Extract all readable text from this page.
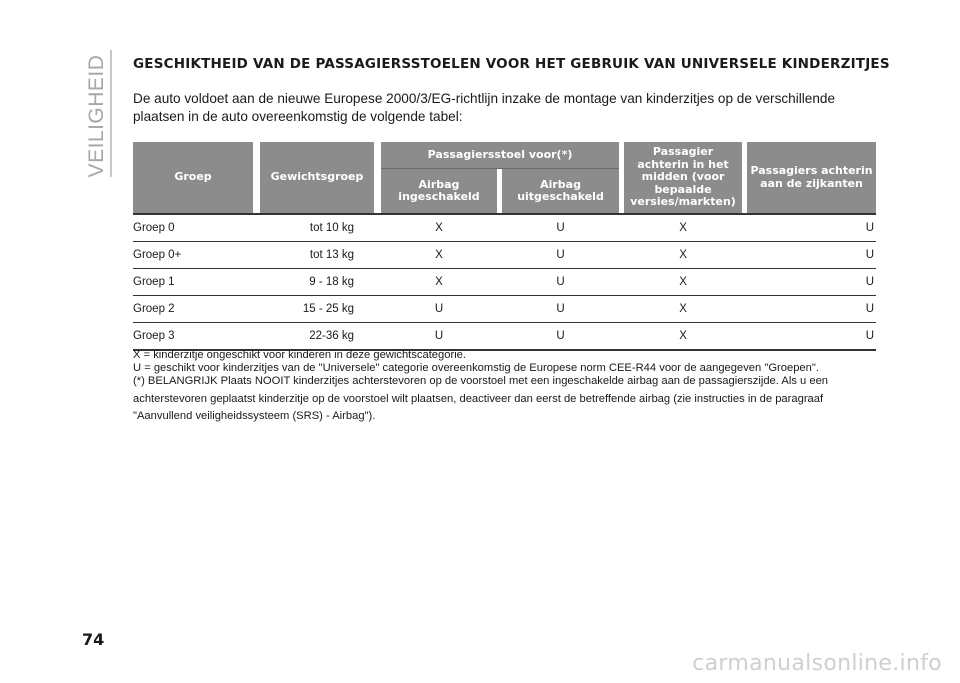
VEILIGHEID GESCHIKTHEID VAN DE PASSAGIERSSTOELEN VOOR HET GEBRUIK VAN UNIVERSELE KINDERZITJES
De auto voldoet aan de nieuwe Europese 2000/3/EG-richtlijn inzake de montage van kinderzitjes op de verschillende plaatsen in de auto overeenkomstig de volgende tabel:
Groep		Gewichtsgroep		Passagiersstoel voor(*)				Passagier achterin in het midden (voor bepaalde versies/markten)		Passagiers achterin aan de zijkanten
				Airbag ingeschakeld		Airbag uitgeschakeld				
Groep 0		tot 10 kg		X		U		X		U
Groep 0+		tot 13 kg		X		U		X		U
Groep 1		9 - 18 kg		X		U		X		U
Groep 2		15 - 25 kg		U		U		X		U
Groep 3		22-36 kg		U		U		X		U

X = kinderzitje ongeschikt voor kinderen in deze gewichtscategorie.

U = geschikt voor kinderzitjes van de "Universele" categorie overeenkomstig de Europese norm CEE-R44 voor de aangegeven "Groepen".

(*) BELANGRIJK Plaats NOOIT kinderzitjes achterstevoren op de voorstoel met een ingeschakelde airbag aan de passagierszijde. Als u een achterstevoren geplaatst kinderzitje op de voorstoel wilt plaatsen, deactiveer dan eerst de betreffende airbag (zie instructies in de paragraaf "Aanvullend veiligheidssysteem (SRS) - Airbag").

74
carmanualsonline.info
